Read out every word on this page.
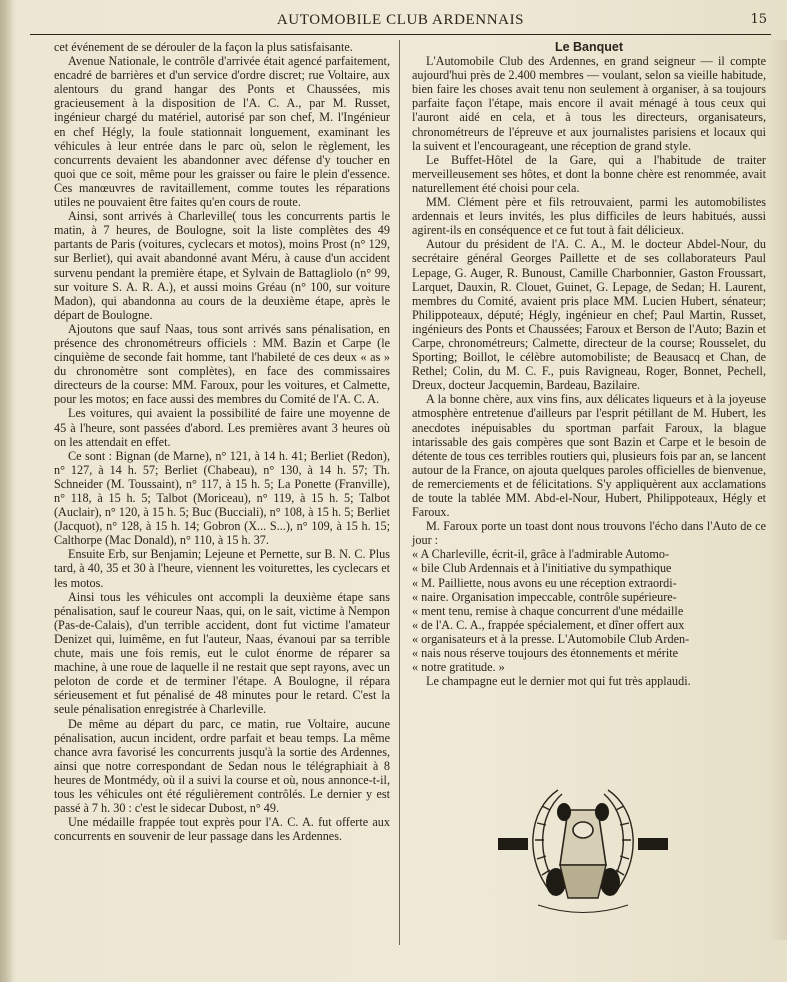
AUTOMOBILE CLUB ARDENNAIS	15

cet événement de se dérouler de la façon la plus satisfaisante.

Avenue Nationale, le contrôle d'arrivée était agencé parfaitement, encadré de barrières et d'un service d'ordre discret; rue Voltaire, aux alentours du grand hangar des Ponts et Chaussées, mis gracieusement à la disposition de l'A. C. A., par M. Russet, ingénieur chargé du matériel, autorisé par son chef, M. l'Ingénieur en chef Hégly, la foule stationnait longuement, examinant les véhicules à leur entrée dans le parc où, selon le règlement, les concurrents devaient les abandonner avec défense d'y toucher en quoi que ce soit, même pour les graisser ou faire le plein d'essence. Ces manœuvres de ravitaillement, comme toutes les réparations utiles ne pouvaient être faites qu'en cours de route.

Ainsi, sont arrivés à Charleville( tous les concurrents partis le matin, à 7 heures, de Boulogne, soit la liste complètes des 49 partants de Paris (voitures, cyclecars et motos), moins Prost (n° 129, sur Berliet), qui avait abandonné avant Méru, à cause d'un accident survenu pendant la première étape, et Sylvain de Battagliolo (n° 99, sur voiture S. A. R. A.), et aussi moins Gréau (n° 100, sur voiture Madon), qui abandonna au cours de la deuxième étape, après le départ de Boulogne.

Ajoutons que sauf Naas, tous sont arrivés sans pénalisation, en présence des chronométreurs officiels : MM. Bazin et Carpe (le cinquième de seconde fait homme, tant l'habileté de ces deux « as » du chronomètre sont complètes), en face des commissaires directeurs de la course: MM. Faroux, pour les voitures, et Calmette, pour les motos; en face aussi des membres du Comité de l'A. C. A.

Les voitures, qui avaient la possibilité de faire une moyenne de 45 à l'heure, sont passées d'abord. Les premières avant 3 heures où on les attendait en effet.

Ce sont : Bignan (de Marne), n° 121, à 14 h. 41; Berliet (Redon), n° 127, à 14 h. 57; Berliet (Chabeau), n° 130, à 14 h. 57; Th. Schneider (M. Toussaint), n° 117, à 15 h. 5; La Ponette (Franville), n° 118, à 15 h. 5; Talbot (Moriceau), n° 119, à 15 h. 5; Talbot (Auclair), n° 120, à 15 h. 5; Buc (Bucciali), n° 108, à 15 h. 5; Berliet (Jacquot), n° 128, à 15 h. 14; Gobron (X... S...), n° 109, à 15 h. 15; Calthorpe (Mac Donald), n° 110, à 15 h. 37.

Ensuite Erb, sur Benjamin; Lejeune et Pernette, sur B. N. C. Plus tard, à 40, 35 et 30 à l'heure, viennent les voiturettes, les cyclecars et les motos.

Ainsi tous les véhicules ont accompli la deuxième étape sans pénalisation, sauf le coureur Naas, qui, on le sait, victime à Nempon (Pas-de-Calais), d'un terrible accident, dont fut victime l'amateur Denizet qui, luimême, en fut l'auteur, Naas, évanoui par sa terrible chute, mais une fois remis, eut le culot énorme de réparer sa machine, à une roue de laquelle il ne restait que sept rayons, avec un peloton de corde et de terminer l'étape. A Boulogne, il répara sérieusement et fut pénalisé de 48 minutes pour le retard. C'est la seule pénalisation enregistrée à Charleville.

De même au départ du parc, ce matin, rue Voltaire, aucune pénalisation, aucun incident, ordre parfait et beau temps. La même chance avra favorisé les concurrents jusqu'à la sortie des Ardennes, ainsi que notre correspondant de Sedan nous le télégraphiait à 8 heures de Montmédy, où il a suivi la course et où, nous annonce-t-il, tous les véhicules ont été régulièrement contrôlés. Le dernier y est passé à 7 h. 30 : c'est le sidecar Dubost, n° 49.

Une médaille frappée tout exprès pour l'A. C. A. fut offerte aux concurrents en souvenir de leur passage dans les Ardennes.

Le Banquet

L'Automobile Club des Ardennes, en grand seigneur — il compte aujourd'hui près de 2.400 membres — voulant, selon sa vieille habitude, bien faire les choses avait tenu non seulement à organiser, à sa toujours parfaite façon l'étape, mais encore il avait ménagé à tous ceux qui l'auront aidé en cela, et à tous les directeurs, organisateurs, chronométreurs de l'épreuve et aux journalistes parisiens et locaux qui la suivent et l'encourageant, une réception de grand style.

Le Buffet-Hôtel de la Gare, qui a l'habitude de traiter merveilleusement ses hôtes, et dont la bonne chère est renommée, avait naturellement été choisi pour cela.

MM. Clément père et fils retrouvaient, parmi les automobilistes ardennais et leurs invités, les plus difficiles de leurs habitués, aussi agirent-ils en conséquence et ce fut tout à fait délicieux.

Autour du président de l'A. C. A., M. le docteur Abdel-Nour, du secrétaire général Georges Paillette et de ses collaborateurs Paul Lepage, G. Auger, R. Bunoust, Camille Charbonnier, Gaston Froussart, Larquet, Dauxin, R. Clouet, Guinet, G. Lepage, de Sedan; H. Laurent, membres du Comité, avaient pris place MM. Lucien Hubert, sénateur; Philippoteaux, député; Hégly, ingénieur en chef; Paul Martin, Russet, ingénieurs des Ponts et Chaussées; Faroux et Berson de l'Auto; Bazin et Carpe, chronométreurs; Calmette, directeur de la course; Rousselet, du Sporting; Boillot, le célèbre automobiliste; de Beausacq et Chan, de Rethel; Colin, du M. C. F., puis Ravigneau, Roger, Bonnet, Pechell, Dreux, docteur Jacquemin, Bardeau, Bazilaire.

A la bonne chère, aux vins fins, aux délicates liqueurs et à la joyeuse atmosphère entretenue d'ailleurs par l'esprit pétillant de M. Hubert, les anecdotes inépuisables du sportman parfait Faroux, la blague intarissable des gais compères que sont Bazin et Carpe et le besoin de détente de tous ces terribles routiers qui, plusieurs fois par an, se lancent autour de la France, on ajouta quelques paroles officielles de bienvenue, de remerciements et de félicitations. S'y appliquèrent aux acclamations de toute la tablée MM. Abd-el-Nour, Hubert, Philippoteaux, Hégly et Faroux.

M. Faroux porte un toast dont nous trouvons l'écho dans l'Auto de ce jour :

« A Charleville, écrit-il, grâce à l'admirable Automo-

« bile Club Ardennais et à l'initiative du sympathique

« M. Pailliette, nous avons eu une réception extraordi-

« naire. Organisation impeccable, contrôle supérieure-

« ment tenu, remise à chaque concurrent d'une médaille

« de l'A. C. A., frappée spécialement, et dîner offert aux

« organisateurs et à la presse. L'Automobile Club Arden-

« nais nous réserve toujours des étonnements et mérite

« notre gratitude. »

Le champagne eut le dernier mot qui fut très applaudi.
